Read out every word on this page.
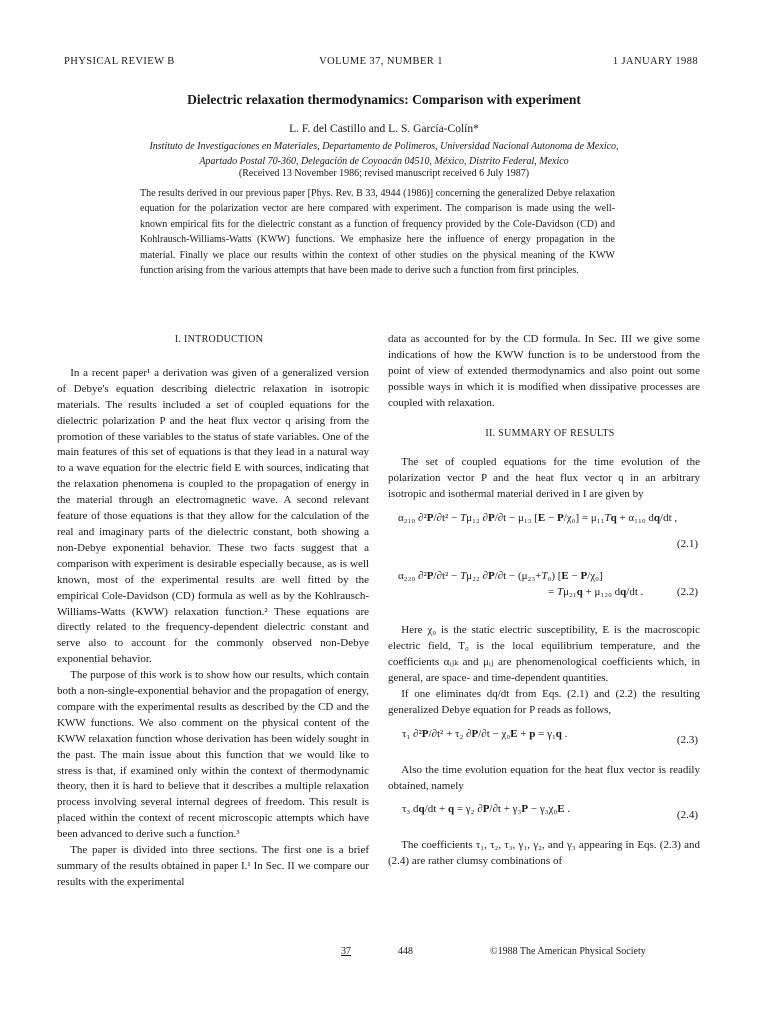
PHYSICAL REVIEW B	VOLUME 37, NUMBER 1	1 JANUARY 1988
Dielectric relaxation thermodynamics: Comparison with experiment
L. F. del Castillo and L. S. García-Colín*
Instituto de Investigaciones en Materiales, Departamento de Polimeros, Universidad Nacional Autonoma de Mexico,
Apartado Postal 70-360, Delegación de Coyoacán 04510, México, Distrito Federal, Mexico
(Received 13 November 1986; revised manuscript received 6 July 1987)
The results derived in our previous paper [Phys. Rev. B 33, 4944 (1986)] concerning the generalized Debye relaxation equation for the polarization vector are here compared with experiment. The comparison is made using the well-known empirical fits for the dielectric constant as a function of frequency provided by the Cole-Davidson (CD) and Kohlrausch-Williams-Watts (KWW) functions. We emphasize here the influence of energy propagation in the material. Finally we place our results within the context of other studies on the physical meaning of the KWW function arising from the various attempts that have been made to derive such a function from first principles.

I. INTRODUCTION

In a recent paper¹ a derivation was given of a generalized version of Debye's equation describing dielectric relaxation in isotropic materials. The results included a set of coupled equations for the dielectric polarization P and the heat flux vector q arising from the promotion of these variables to the status of state variables. One of the main features of this set of equations is that they lead in a natural way to a wave equation for the electric field E with sources, indicating that the relaxation phenomena is coupled to the propagation of energy in the material through an electromagnetic wave. A second relevant feature of those equations is that they allow for the calculation of the real and imaginary parts of the dielectric constant, both showing a non-Debye exponential behavior. These two facts suggest that a comparison with experiment is desirable especially because, as is well known, most of the experimental results are well fitted by the empirical Cole-Davidson (CD) formula as well as by the Kohlrausch-Williams-Watts (KWW) relaxation function.² These equations are directly related to the frequency-dependent dielectric constant and serve also to account for the commonly observed non-Debye exponential behavior.

The purpose of this work is to show how our results, which contain both a non-single-exponential behavior and the propagation of energy, compare with the experimental results as described by the CD and the KWW functions. We also comment on the physical content of the KWW relaxation function whose derivation has been widely sought in the past. The main issue about this function that we would like to stress is that, if examined only within the context of thermodynamic theory, then it is hard to believe that it describes a multiple relaxation process involving several internal degrees of freedom. This result is placed within the context of recent microscopic attempts which have been advanced to derive such a function.³

The paper is divided into three sections. The first one is a brief summary of the results obtained in paper I.¹ In Sec. II we compare our results with the experimental

data as accounted for by the CD formula. In Sec. III we give some indications of how the KWW function is to be understood from the point of view of extended thermodynamics and also point out some possible ways in which it is modified when dissipative processes are coupled with relaxation.

II. SUMMARY OF RESULTS

The set of coupled equations for the time evolution of the polarization vector P and the heat flux vector q in an arbitrary isotropic and isothermal material derived in I are given by

α₂₁₀ ∂²P/∂t² − Tμ₁₂ ∂P/∂t − μ₁₃ [E − P/χ₀] = μ₁₁Tq + α₁₁₀ dq/dt ,
(2.1)
α₂₂₀ ∂²P/∂t² − Tμ₂₂ ∂P/∂t − (μ₂₃+T₀) [E − P/χ₀]
= Tμ₂₁q + μ₁₂₀ dq/dt .	(2.2)

Here χ₀ is the static electric susceptibility, E is the macroscopic electric field, T₀ is the local equilibrium temperature, and the coefficients αᵢⱼₖ and μᵢⱼ are phenomenological coefficients which, in general, are space- and time-dependent quantities.

If one eliminates dq/dt from Eqs. (2.1) and (2.2) the resulting generalized Debye equation for P reads as follows,

τ₁ ∂²P/∂t² + τ₂ ∂P/∂t − χ₀E + p = γ₁q .	(2.3)

Also the time evolution equation for the heat flux vector is readily obtained, namely

τ₃ dq/dt + q = γ₂ ∂P/∂t + γ₃P − γ₃χ₀E .	(2.4)

The coefficients τ₁, τ₂, τ₃, γ₁, γ₂, and γ₃ appearing in Eqs. (2.3) and (2.4) are rather clumsy combinations of

37	448	©1988 The American Physical Society
